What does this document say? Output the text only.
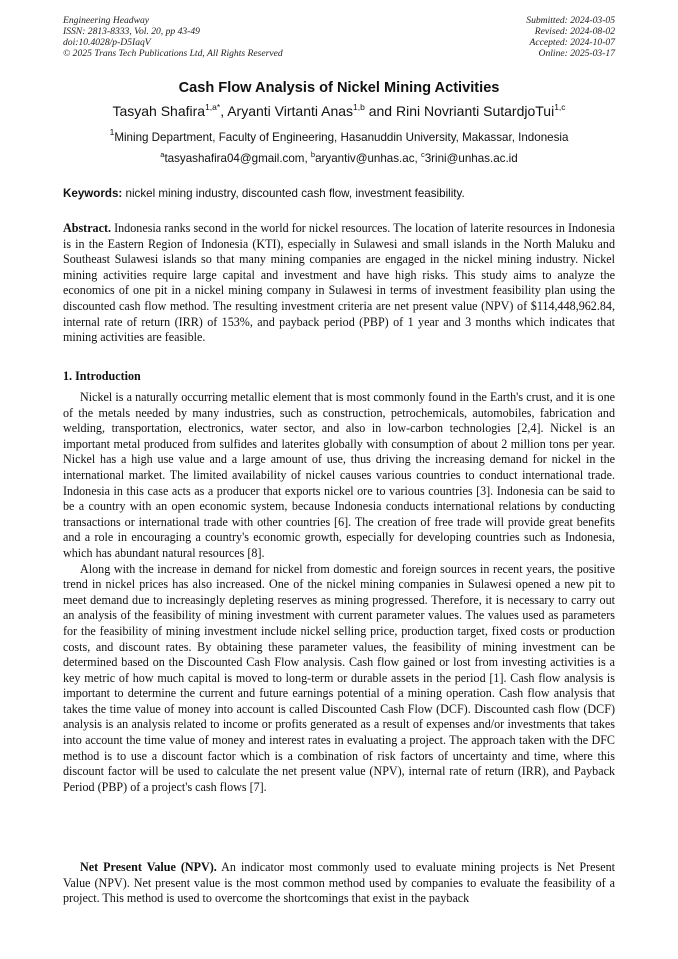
Engineering Headway
ISSN: 2813-8333, Vol. 20, pp 43-49
doi:10.4028/p-D5IaqV
© 2025 Trans Tech Publications Ltd, All Rights Reserved
Submitted: 2024-03-05
Revised: 2024-08-02
Accepted: 2024-10-07
Online: 2025-03-17
Cash Flow Analysis of Nickel Mining Activities
Tasyah Shafira$^{1,a*}$, Aryanti Virtanti Anas$^{1,b}$ and Rini Novrianti SutardjoTui$^{1,c}$
$^1$Mining Department, Faculty of Engineering, Hasanuddin University, Makassar, Indonesia
$^a$tasyashafira04@gmail.com, $^b$aryantiv@unhas.ac, $^c$3rini@unhas.ac.id
Keywords: nickel mining industry, discounted cash flow, investment feasibility.
Abstract. Indonesia ranks second in the world for nickel resources. The location of laterite resources in Indonesia is in the Eastern Region of Indonesia (KTI), especially in Sulawesi and small islands in the North Maluku and Southeast Sulawesi islands so that many mining companies are engaged in the nickel mining industry. Nickel mining activities require large capital and investment and have high risks. This study aims to analyze the economics of one pit in a nickel mining company in Sulawesi in terms of investment feasibility plan using the discounted cash flow method. The resulting investment criteria are net present value (NPV) of $114,448,962.84, internal rate of return (IRR) of 153%, and payback period (PBP) of 1 year and 3 months which indicates that mining activities are feasible.
1. Introduction

Nickel is a naturally occurring metallic element that is most commonly found in the Earth's crust, and it is one of the metals needed by many industries, such as construction, petrochemicals, automobiles, fabrication and welding, transportation, electronics, water sector, and also in low-carbon technologies [2,4]. Nickel is an important metal produced from sulfides and laterites globally with consumption of about 2 million tons per year. Nickel has a high use value and a large amount of use, thus driving the increasing demand for nickel in the international market. The limited availability of nickel causes various countries to conduct international trade. Indonesia in this case acts as a producer that exports nickel ore to various countries [3]. Indonesia can be said to be a country with an open economic system, because Indonesia conducts international relations by conducting transactions or international trade with other countries [6]. The creation of free trade will provide great benefits and a role in encouraging a country's economic growth, especially for developing countries such as Indonesia, which has abundant natural resources [8].

Along with the increase in demand for nickel from domestic and foreign sources in recent years, the positive trend in nickel prices has also increased. One of the nickel mining companies in Sulawesi opened a new pit to meet demand due to increasingly depleting reserves as mining progressed. Therefore, it is necessary to carry out an analysis of the feasibility of mining investment with current parameter values. The values used as parameters for the feasibility of mining investment include nickel selling price, production target, fixed costs or production costs, and discount rates. By obtaining these parameter values, the feasibility of mining investment can be determined based on the Discounted Cash Flow analysis. Cash flow gained or lost from investing activities is a key metric of how much capital is moved to long-term or durable assets in the period [1]. Cash flow analysis is important to determine the current and future earnings potential of a mining operation. Cash flow analysis that takes the time value of money into account is called Discounted Cash Flow (DCF). Discounted cash flow (DCF) analysis is an analysis related to income or profits generated as a result of expenses and/or investments that takes into account the time value of money and interest rates in evaluating a project. The approach taken with the DFC method is to use a discount factor which is a combination of risk factors of uncertainty and time, where this discount factor will be used to calculate the net present value (NPV), internal rate of return (IRR), and Payback Period (PBP) of a project's cash flows [7].

Net Present Value (NPV). An indicator most commonly used to evaluate mining projects is Net Present Value (NPV). Net present value is the most common method used by companies to evaluate the feasibility of a project. This method is used to overcome the shortcomings that exist in the payback
